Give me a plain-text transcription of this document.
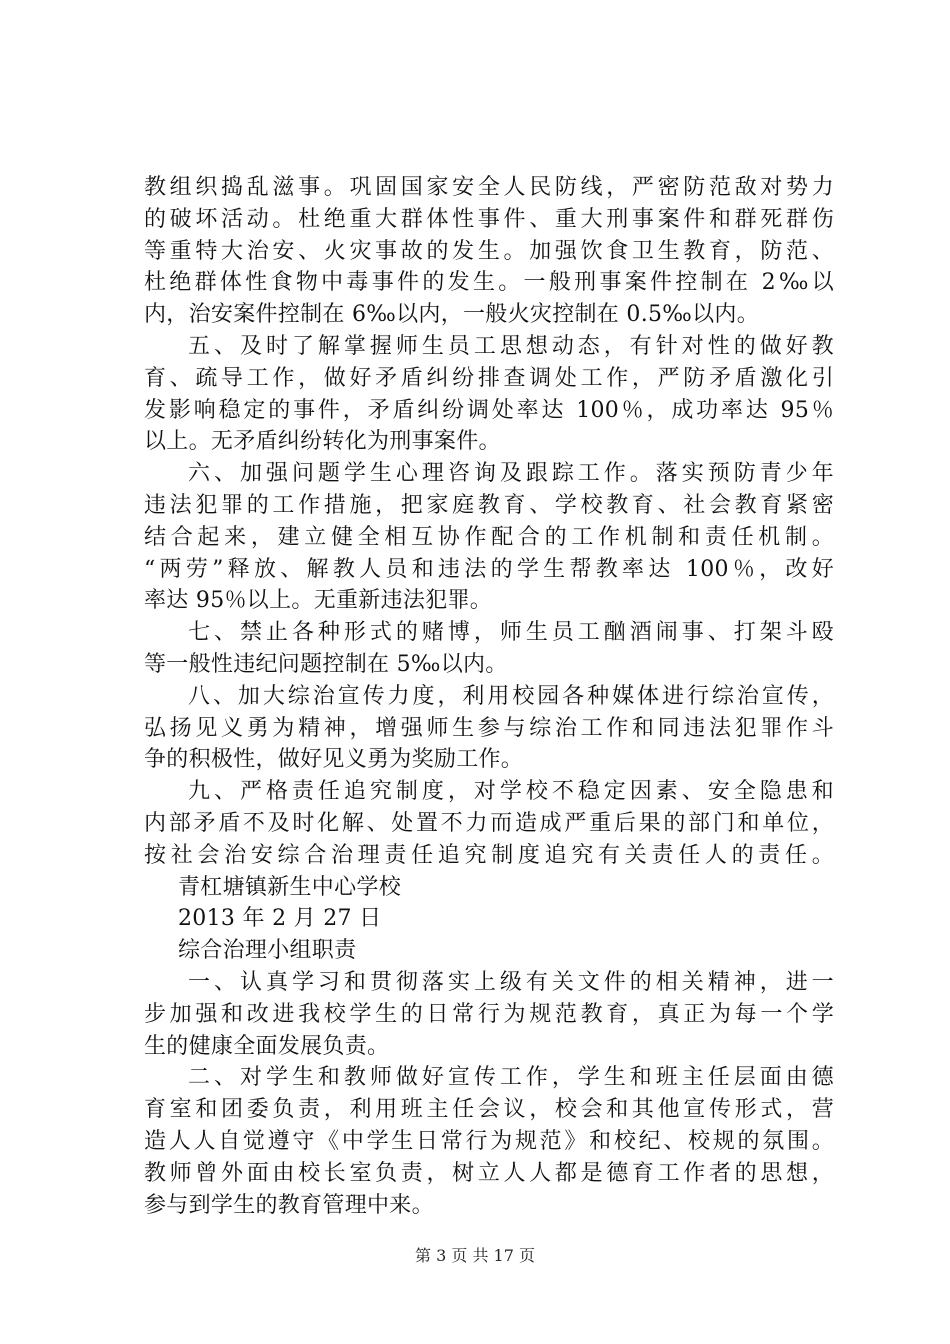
教组织捣乱滋事。巩固国家安全人民防线，严密防范敌对势力
的破坏活动。杜绝重大群体性事件、重大刑事案件和群死群伤
等重特大治安、火灾事故的发生。加强饮食卫生教育，防范、
杜绝群体性食物中毒事件的发生。一般刑事案件控制在 2‰以
内，治安案件控制在 6‰以内，一般火灾控制在 0.5‰以内。
五、及时了解掌握师生员工思想动态，有针对性的做好教
育、疏导工作，做好矛盾纠纷排查调处工作，严防矛盾激化引
发影响稳定的事件，矛盾纠纷调处率达 100％，成功率达 95％
以上。无矛盾纠纷转化为刑事案件。
六、加强问题学生心理咨询及跟踪工作。落实预防青少年
违法犯罪的工作措施，把家庭教育、学校教育、社会教育紧密
结合起来，建立健全相互协作配合的工作机制和责任机制。
“两劳”释放、解教人员和违法的学生帮教率达 100％，改好
率达 95％以上。无重新违法犯罪。
七、禁止各种形式的赌博，师生员工酗酒闹事、打架斗殴
等一般性违纪问题控制在 5‰以内。
八、加大综治宣传力度，利用校园各种媒体进行综治宣传，
弘扬见义勇为精神，增强师生参与综治工作和同违法犯罪作斗
争的积极性，做好见义勇为奖励工作。
九、严格责任追究制度，对学校不稳定因素、安全隐患和
内部矛盾不及时化解、处置不力而造成严重后果的部门和单位，
按社会治安综合治理责任追究制度追究有关责任人的责任。
青杠塘镇新生中心学校
2013 年 2 月 27 日
综合治理小组职责
一、认真学习和贯彻落实上级有关文件的相关精神，进一
步加强和改进我校学生的日常行为规范教育，真正为每一个学
生的健康全面发展负责。
二、对学生和教师做好宣传工作，学生和班主任层面由德
育室和团委负责，利用班主任会议，校会和其他宣传形式，营
造人人自觉遵守《中学生日常行为规范》和校纪、校规的氛围。
教师曾外面由校长室负责，树立人人都是德育工作者的思想，
参与到学生的教育管理中来。
第 3 页 共 17 页
